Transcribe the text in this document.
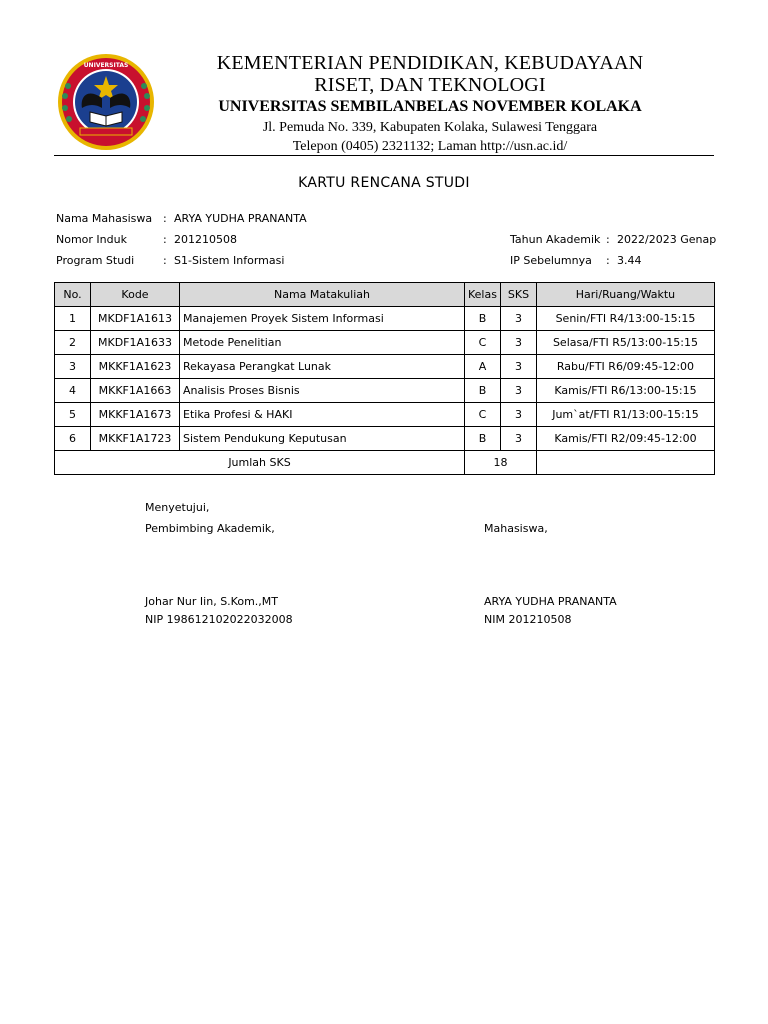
UNIVERSITAS	KEMENTERIAN PENDIDIKAN, KEBUDAYAAN
RISET, DAN TEKNOLOGI
UNIVERSITAS SEMBILANBELAS NOVEMBER KOLAKA
Jl. Pemuda No. 339, Kabupaten Kolaka, Sulawesi Tenggara
Telepon (0405) 2321132; Laman http://usn.ac.id/
KARTU RENCANA STUDI
Nama Mahasiswa : ARYA YUDHA PRANANTA
Nomor Induk	: 201210508
Program Studi	: S1-Sistem Informasi
Tahun Akademik : 2022/2023 Genap
IP Sebelumnya : 3.44
No.	Kode	Nama Matakuliah	Kelas	SKS	Hari/Ruang/Waktu
1	MKDF1A1613	Manajemen Proyek Sistem Informasi	B	3	Senin/FTI R4/13:00-15:15
2	MKDF1A1633	Metode Penelitian	C	3	Selasa/FTI R5/13:00-15:15
3	MKKF1A1623	Rekayasa Perangkat Lunak	A	3	Rabu/FTI R6/09:45-12:00
4	MKKF1A1663	Analisis Proses Bisnis	B	3	Kamis/FTI R6/13:00-15:15
5	MKKF1A1673	Etika Profesi & HAKI	C	3	Jum`at/FTI R1/13:00-15:15
6	MKKF1A1723	Sistem Pendukung Keputusan	B	3	Kamis/FTI R2/09:45-12:00
Jumlah SKS			18		
Menyetujui,
Pembimbing Akademik,
Johar Nur Iin, S.Kom.,MT
NIP 198612102022032008
Mahasiswa,
ARYA YUDHA PRANANTA
NIM 201210508
